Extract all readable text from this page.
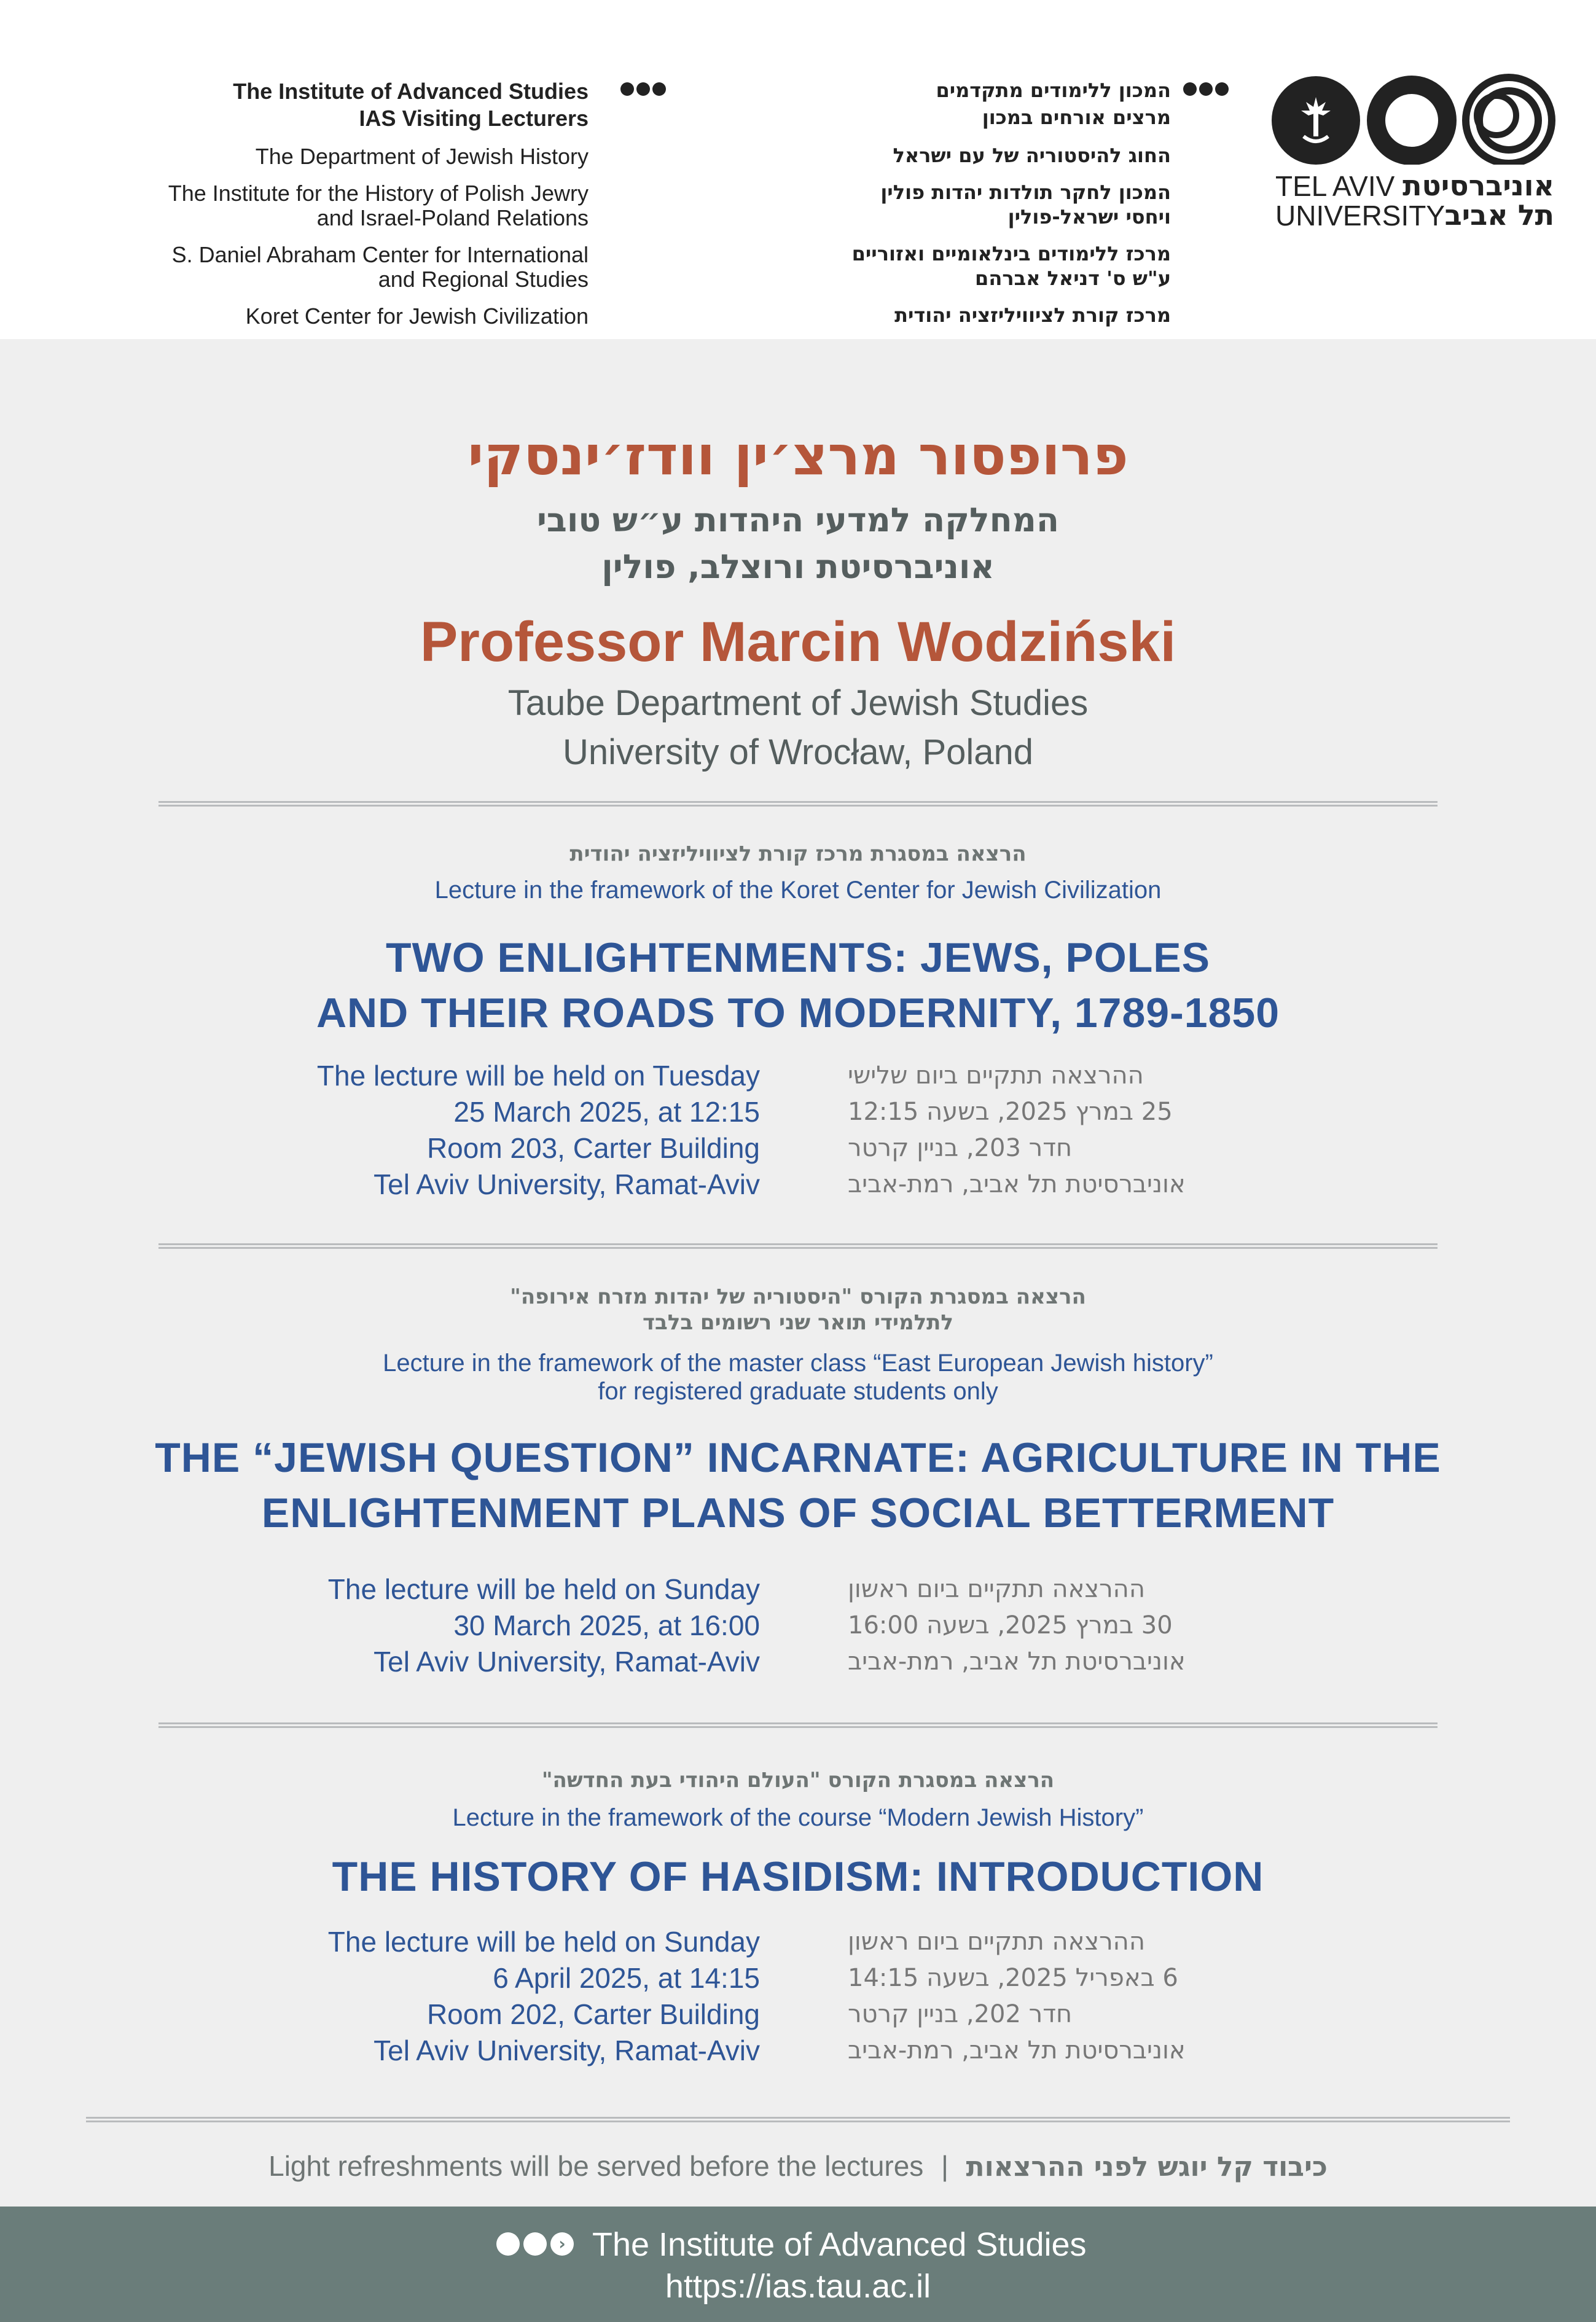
The Institute of Advanced Studies
IAS Visiting Lecturers
The Department of Jewish History
The Institute for the History of Polish Jewry
and Israel-Poland Relations
S. Daniel Abraham Center for International
and Regional Studies
Koret Center for Jewish Civilization
המכון ללימודים מתקדמים
מרצים אורחים במכון
החוג להיסטוריה של עם ישראל
המכון לחקר תולדות יהדות פולין
ויחסי ישראל-פולין
מרכז ללימודים בינלאומיים ואזוריים
ע"ש ס' דניאל אברהם
מרכז קורת לציוויליזציה יהודית
TEL AVIV
UNIVERSITY
אוניברסיטת
תל אביב
פרופסור מרצ׳ין וודז׳ינסקי
המחלקה למדעי היהדות ע״ש טובי
אוניברסיטת ורוצלב, פולין
Professor Marcin Wodziński
Taube Department of Jewish Studies
University of Wrocław, Poland
הרצאה במסגרת מרכז קורת לציוויליזציה יהודית
Lecture in the framework of the Koret Center for Jewish Civilization
TWO ENLIGHTENMENTS: JEWS, POLES
AND THEIR ROADS TO MODERNITY, 1789-1850
The lecture will be held on Tuesday
25 March 2025, at 12:15
Room 203, Carter Building
Tel Aviv University, Ramat-Aviv
ההרצאה תתקיים ביום שלישי
25 במרץ 2025, בשעה 12:15
חדר 203, בניין קרטר
אוניברסיטת תל אביב, רמת-אביב
הרצאה במסגרת הקורס "היסטוריה של יהדות מזרח אירופה"
לתלמידי תואר שני רשומים בלבד
Lecture in the framework of the master class “East European Jewish history”
for registered graduate students only
THE “JEWISH QUESTION” INCARNATE: AGRICULTURE IN THE
ENLIGHTENMENT PLANS OF SOCIAL BETTERMENT
The lecture will be held on Sunday
30 March 2025, at 16:00
Tel Aviv University, Ramat-Aviv
ההרצאה תתקיים ביום ראשון
30 במרץ 2025, בשעה 16:00
אוניברסיטת תל אביב, רמת-אביב
הרצאה במסגרת הקורס "העולם היהודי בעת החדשה"
Lecture in the framework of the course “Modern Jewish History”
THE HISTORY OF HASIDISM: INTRODUCTION
The lecture will be held on Sunday
6 April 2025, at 14:15
Room 202, Carter Building
Tel Aviv University, Ramat-Aviv
ההרצאה תתקיים ביום ראשון
6 באפריל 2025, בשעה 14:15
חדר 202, בניין קרטר
אוניברסיטת תל אביב, רמת-אביב
Light refreshments will be served before the lectures | כיבוד קל יוגש לפני ההרצאות
› The Institute of Advanced Studies
https://ias.tau.ac.il
